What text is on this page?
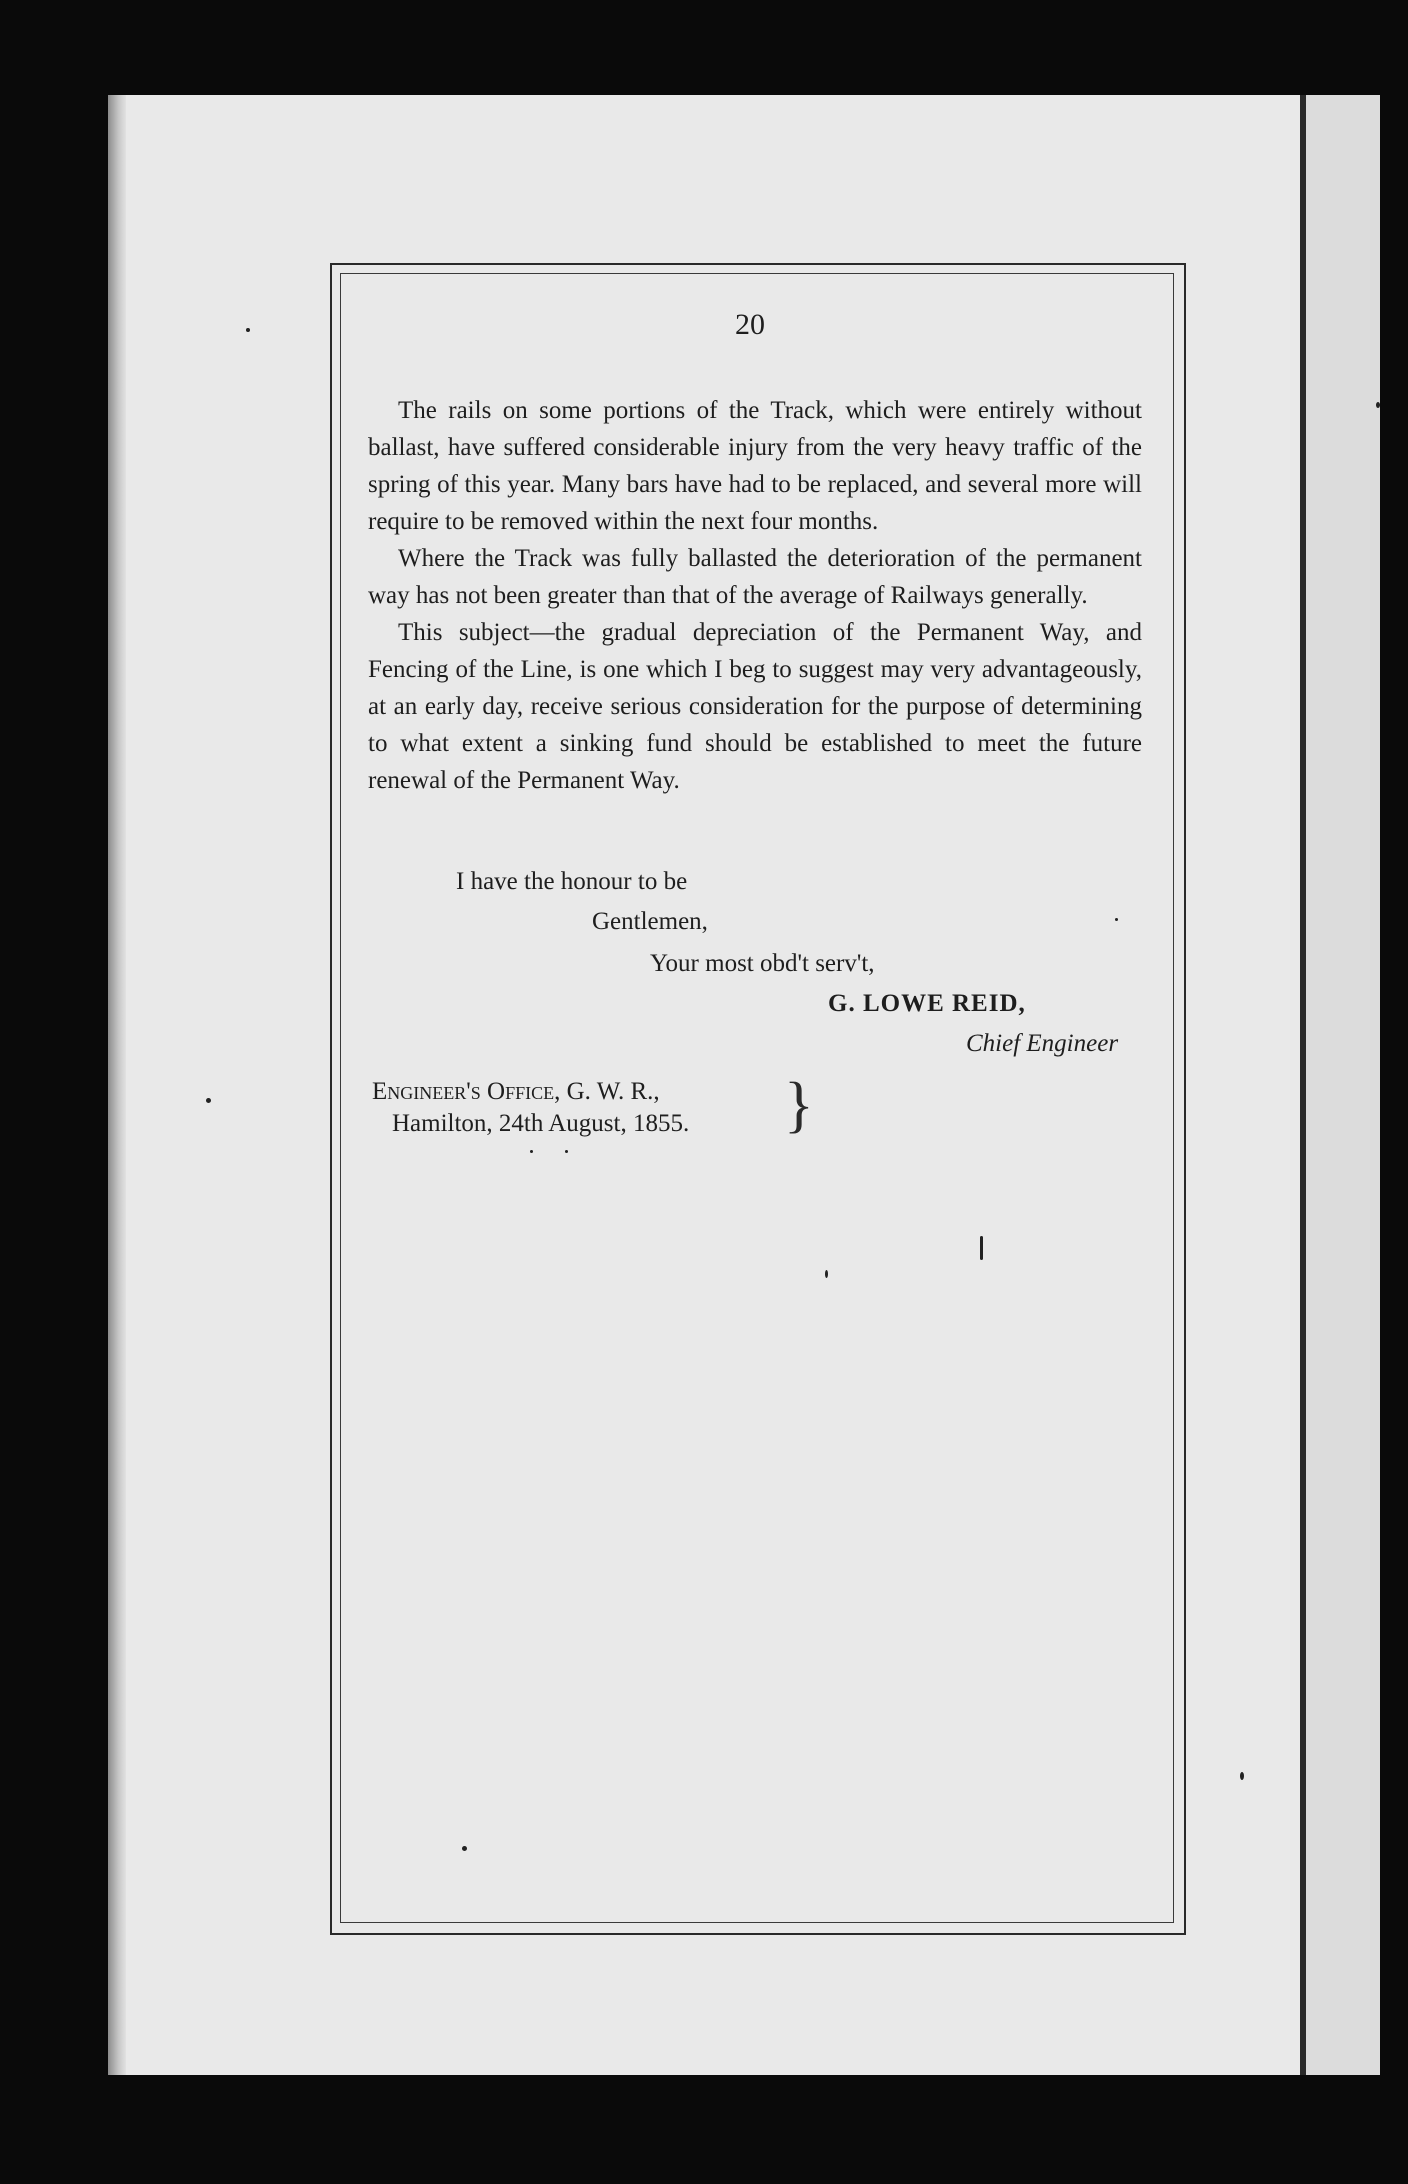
20

The rails on some portions of the Track, which were entirely without ballast, have suffered considerable injury from the very heavy traffic of the spring of this year. Many bars have had to be replaced, and several more will require to be removed within the next four months.

Where the Track was fully ballasted the deterioration of the permanent way has not been greater than that of the average of Railways generally.

This subject—the gradual depreciation of the Permanent Way, and Fencing of the Line, is one which I beg to suggest may very advantageously, at an early day, receive serious consideration for the purpose of determining to what extent a sinking fund should be established to meet the future renewal of the Permanent Way.

I have the honour to be
Gentlemen,
Your most obd't serv't,
G. LOWE REID,
Chief Engineer
Engineer's Office, G. W. R.,
Hamilton, 24th August, 1855. }
